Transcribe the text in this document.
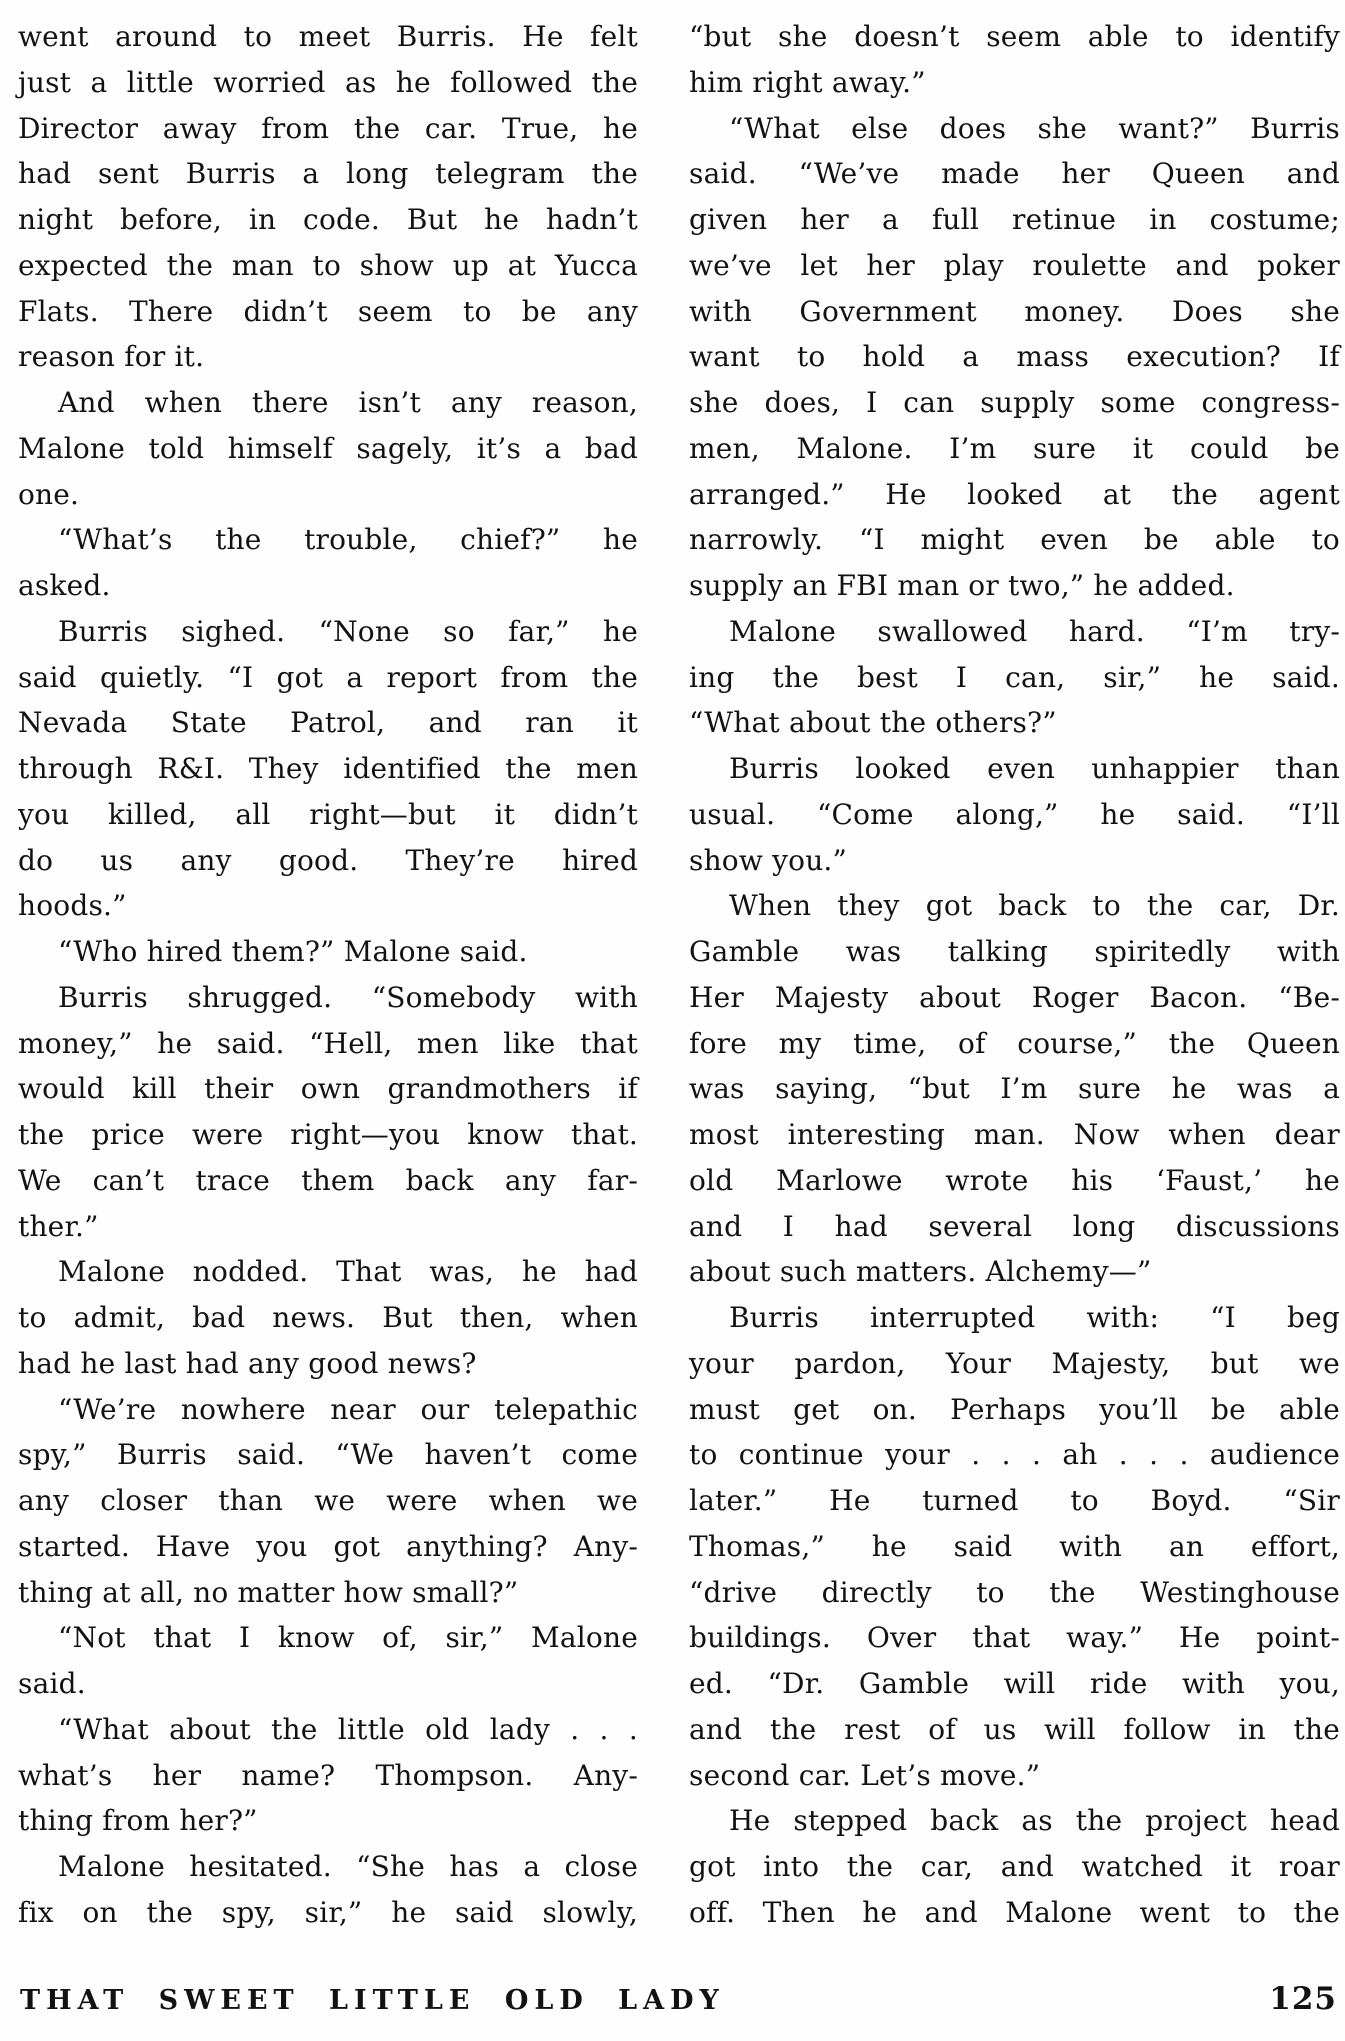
went around to meet Burris. He felt
just a little worried as he followed the
Director away from the car. True, he
had sent Burris a long telegram the
night before, in code. But he hadn’t
expected the man to show up at Yucca
Flats. There didn’t seem to be any
reason for it.
And when there isn’t any reason,
Malone told himself sagely, it’s a bad
one.
“What’s the trouble, chief?” he
asked.
Burris sighed. “None so far,” he
said quietly. “I got a report from the
Nevada State Patrol, and ran it
through R&I. They identified the men
you killed, all right—but it didn’t
do us any good. They’re hired
hoods.”
“Who hired them?” Malone said.
Burris shrugged. “Somebody with
money,” he said. “Hell, men like that
would kill their own grandmothers if
the price were right—you know that.
We can’t trace them back any far-
ther.”
Malone nodded. That was, he had
to admit, bad news. But then, when
had he last had any good news?
“We’re nowhere near our telepathic
spy,” Burris said. “We haven’t come
any closer than we were when we
started. Have you got anything? Any-
thing at all, no matter how small?”
“Not that I know of, sir,” Malone
said.
“What about the little old lady . . .
what’s her name? Thompson. Any-
thing from her?”
Malone hesitated. “She has a close
fix on the spy, sir,” he said slowly,
“but she doesn’t seem able to identify
him right away.”
“What else does she want?” Burris
said. “We’ve made her Queen and
given her a full retinue in costume;
we’ve let her play roulette and poker
with Government money. Does she
want to hold a mass execution? If
she does, I can supply some congress-
men, Malone. I’m sure it could be
arranged.” He looked at the agent
narrowly. “I might even be able to
supply an FBI man or two,” he added.
Malone swallowed hard. “I’m try-
ing the best I can, sir,” he said.
“What about the others?”
Burris looked even unhappier than
usual. “Come along,” he said. “I’ll
show you.”
When they got back to the car, Dr.
Gamble was talking spiritedly with
Her Majesty about Roger Bacon. “Be-
fore my time, of course,” the Queen
was saying, “but I’m sure he was a
most interesting man. Now when dear
old Marlowe wrote his ‘Faust,’ he
and I had several long discussions
about such matters. Alchemy—”
Burris interrupted with: “I beg
your pardon, Your Majesty, but we
must get on. Perhaps you’ll be able
to continue your . . . ah . . . audience
later.” He turned to Boyd. “Sir
Thomas,” he said with an effort,
“drive directly to the Westinghouse
buildings. Over that way.” He point-
ed. “Dr. Gamble will ride with you,
and the rest of us will follow in the
second car. Let’s move.”
He stepped back as the project head
got into the car, and watched it roar
off. Then he and Malone went to the
THAT SWEET LITTLE OLD LADY	125
